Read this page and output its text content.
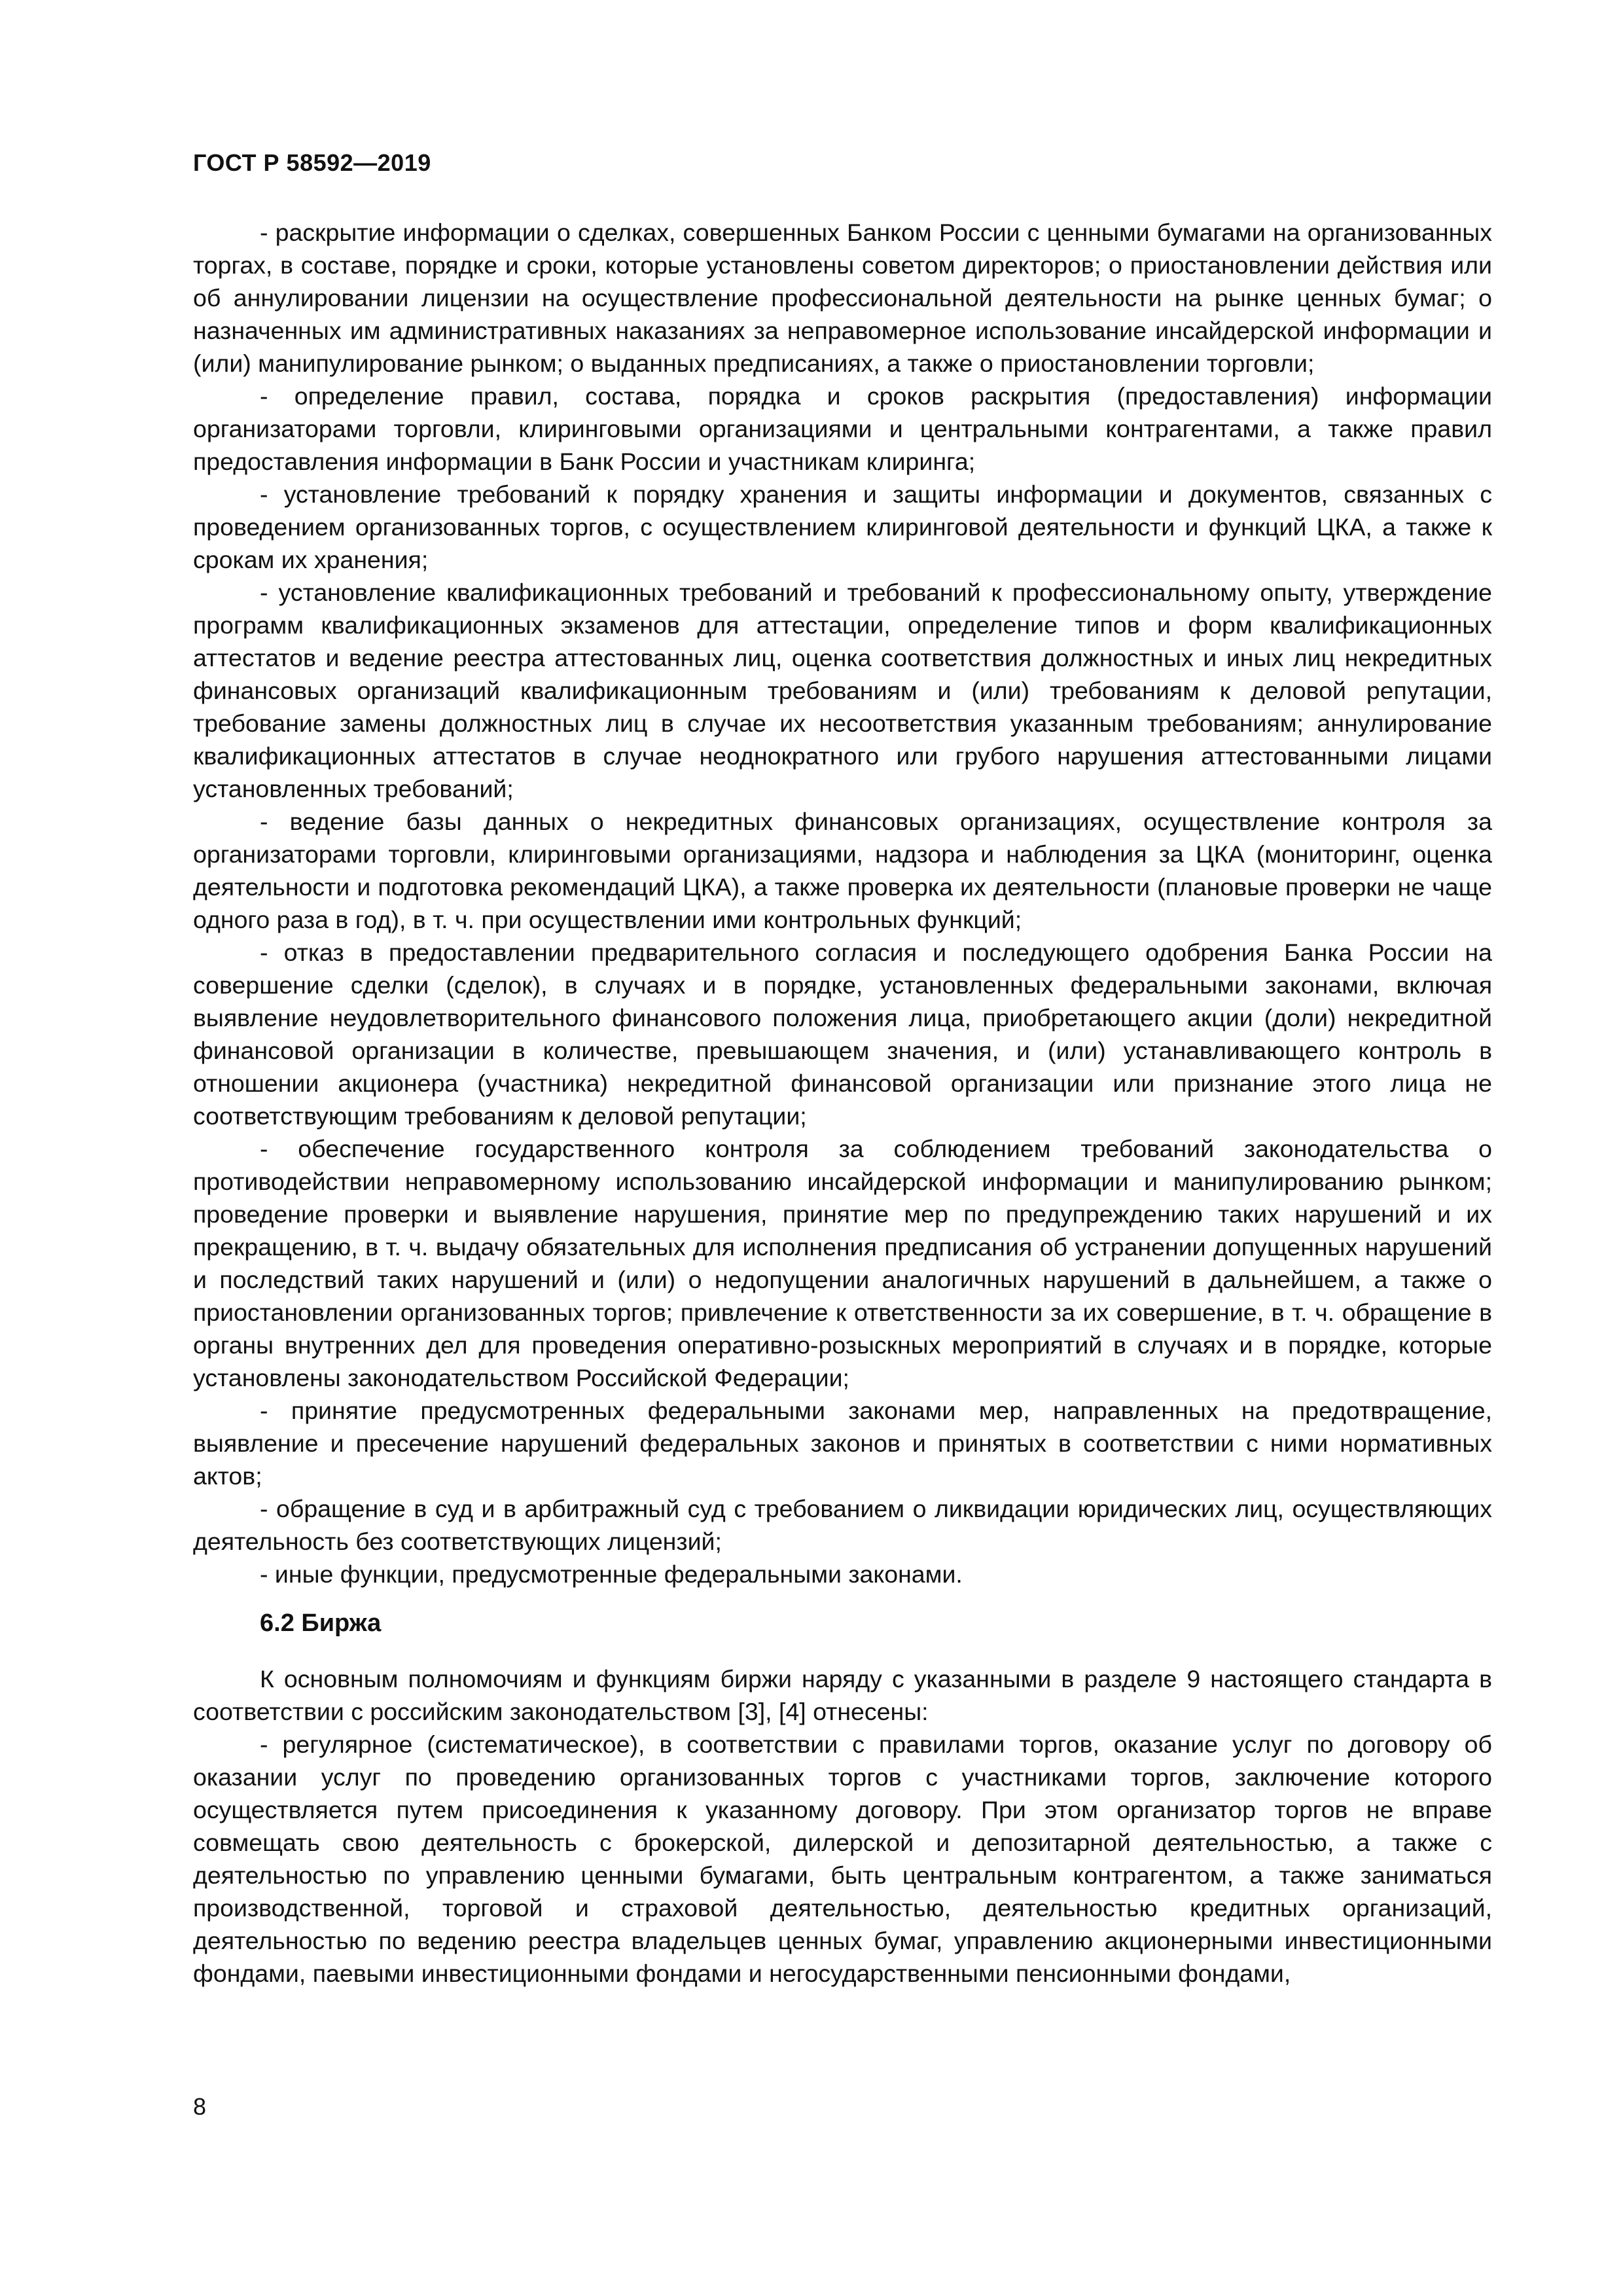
ГОСТ Р 58592—2019

- раскрытие информации о сделках, совершенных Банком России с ценными бумагами на организованных торгах, в составе, порядке и сроки, которые установлены советом директоров; о приостановлении действия или об аннулировании лицензии на осуществление профессиональной деятельности на рынке ценных бумаг; о назначенных им административных наказаниях за неправомерное использование инсайдерской информации и (или) манипулирование рынком; о выданных предписаниях, а также о приостановлении торговли;

- определение правил, состава, порядка и сроков раскрытия (предоставления) информации организаторами торговли, клиринговыми организациями и центральными контрагентами, а также правил предоставления информации в Банк России и участникам клиринга;

- установление требований к порядку хранения и защиты информации и документов, связанных с проведением организованных торгов, с осуществлением клиринговой деятельности и функций ЦКА, а также к срокам их хранения;

- установление квалификационных требований и требований к профессиональному опыту, утверждение программ квалификационных экзаменов для аттестации, определение типов и форм квалификационных аттестатов и ведение реестра аттестованных лиц, оценка соответствия должностных и иных лиц некредитных финансовых организаций квалификационным требованиям и (или) требованиям к деловой репутации, требование замены должностных лиц в случае их несоответствия указанным требованиям; аннулирование квалификационных аттестатов в случае неоднократного или грубого нарушения аттестованными лицами установленных требований;

- ведение базы данных о некредитных финансовых организациях, осуществление контроля за организаторами торговли, клиринговыми организациями, надзора и наблюдения за ЦКА (мониторинг, оценка деятельности и подготовка рекомендаций ЦКА), а также проверка их деятельности (плановые проверки не чаще одного раза в год), в т. ч. при осуществлении ими контрольных функций;

- отказ в предоставлении предварительного согласия и последующего одобрения Банка России на совершение сделки (сделок), в случаях и в порядке, установленных федеральными законами, включая выявление неудовлетворительного финансового положения лица, приобретающего акции (доли) некредитной финансовой организации в количестве, превышающем значения, и (или) устанавливающего контроль в отношении акционера (участника) некредитной финансовой организации или признание этого лица не соответствующим требованиям к деловой репутации;

- обеспечение государственного контроля за соблюдением требований законодательства о противодействии неправомерному использованию инсайдерской информации и манипулированию рынком; проведение проверки и выявление нарушения, принятие мер по предупреждению таких нарушений и их прекращению, в т. ч. выдачу обязательных для исполнения предписания об устранении допущенных нарушений и последствий таких нарушений и (или) о недопущении аналогичных нарушений в дальнейшем, а также о приостановлении организованных торгов; привлечение к ответственности за их совершение, в т. ч. обращение в органы внутренних дел для проведения оперативно-розыскных мероприятий в случаях и в порядке, которые установлены законодательством Российской Федерации;

- принятие предусмотренных федеральными законами мер, направленных на предотвращение, выявление и пресечение нарушений федеральных законов и принятых в соответствии с ними нормативных актов;

- обращение в суд и в арбитражный суд с требованием о ликвидации юридических лиц, осуществляющих деятельность без соответствующих лицензий;

- иные функции, предусмотренные федеральными законами.

6.2 Биржа

К основным полномочиям и функциям биржи наряду с указанными в разделе 9 настоящего стандарта в соответствии с российским законодательством [3], [4] отнесены:

- регулярное (систематическое), в соответствии с правилами торгов, оказание услуг по договору об оказании услуг по проведению организованных торгов с участниками торгов, заключение которого осуществляется путем присоединения к указанному договору. При этом организатор торгов не вправе совмещать свою деятельность с брокерской, дилерской и депозитарной деятельностью, а также с деятельностью по управлению ценными бумагами, быть центральным контрагентом, а также заниматься производственной, торговой и страховой деятельностью, деятельностью кредитных организаций, деятельностью по ведению реестра владельцев ценных бумаг, управлению акционерными инвестиционными фондами, паевыми инвестиционными фондами и негосударственными пенсионными фондами,

8
